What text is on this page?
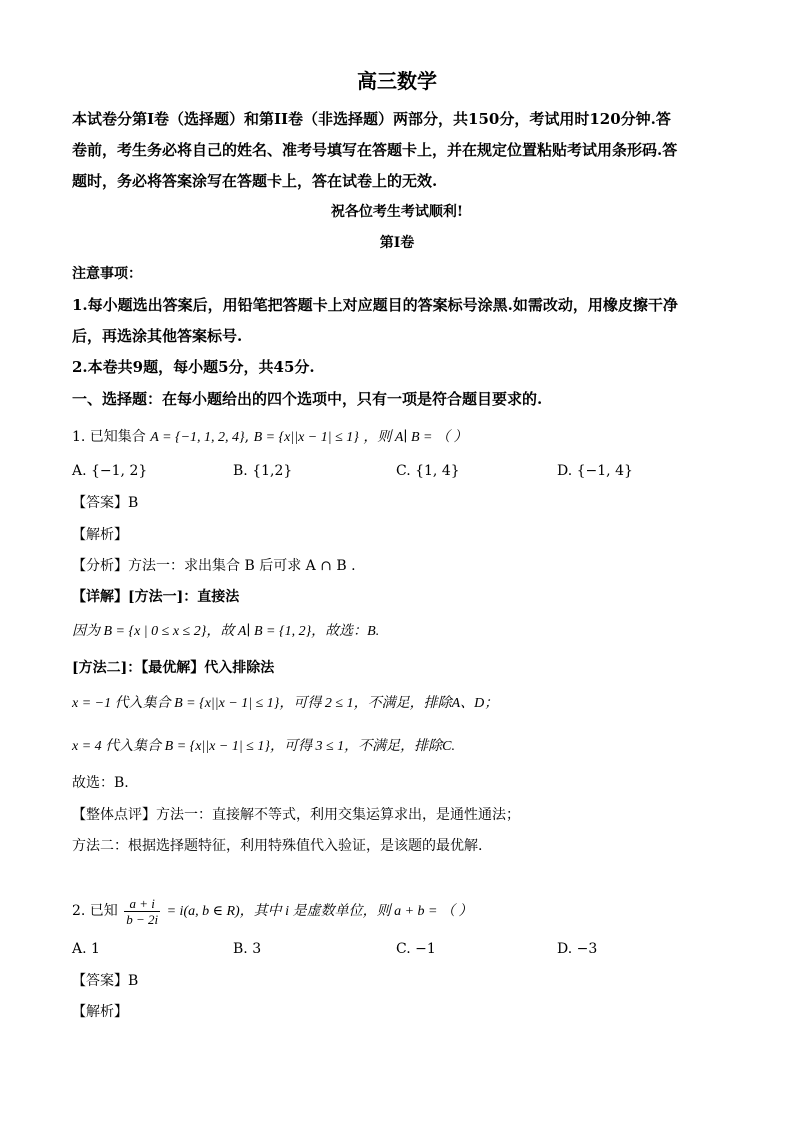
高三数学
本试卷分第I卷（选择题）和第II卷（非选择题）两部分，共150分，考试用时120分钟.答
卷前，考生务必将自己的姓名、准考号填写在答题卡上，并在规定位置粘贴考试用条形码.答
题时，务必将答案涂写在答题卡上，答在试卷上的无效.
祝各位考生考试顺利!
第I卷
注意事项：
1.每小题选出答案后，用铅笔把答题卡上对应题目的答案标号涂黑.如需改动，用橡皮擦干净
后，再选涂其他答案标号.
2.本卷共9题，每小题5分，共45分.
一、选择题：在每小题给出的四个选项中，只有一项是符合题目要求的.
1. 已知集合 A = {−1, 1, 2, 4}, B = {x||x − 1| ≤ 1} ，则 A∣ B = （ ）
A. {−1, 2}	B. {1,2}	C. {1, 4}	D. {−1, 4}
【答案】B
【解析】
【分析】方法一：求出集合 B 后可求 A ∩ B .
【详解】[方法一]：直接法
因为 B = {x | 0 ≤ x ≤ 2}，故 A∣ B = {1, 2}，故选：B.
[方法二]：【最优解】代入排除法
x = −1 代入集合 B = {x||x − 1| ≤ 1}，可得 2 ≤ 1，不满足，排除A、D；
x = 4 代入集合 B = {x||x − 1| ≤ 1}，可得 3 ≤ 1，不满足，排除C.
故选：B.
【整体点评】方法一：直接解不等式，利用交集运算求出，是通性通法；
方法二：根据选择题特征，利用特殊值代入验证，是该题的最优解.
2. 已知 $\frac{a + i}{b - 2i} = i(a$, b ∈ R)，其中 i 是虚数单位，则 a + b = （ ）
A. 1	B. 3	C. −1	D. −3
【答案】B
【解析】
